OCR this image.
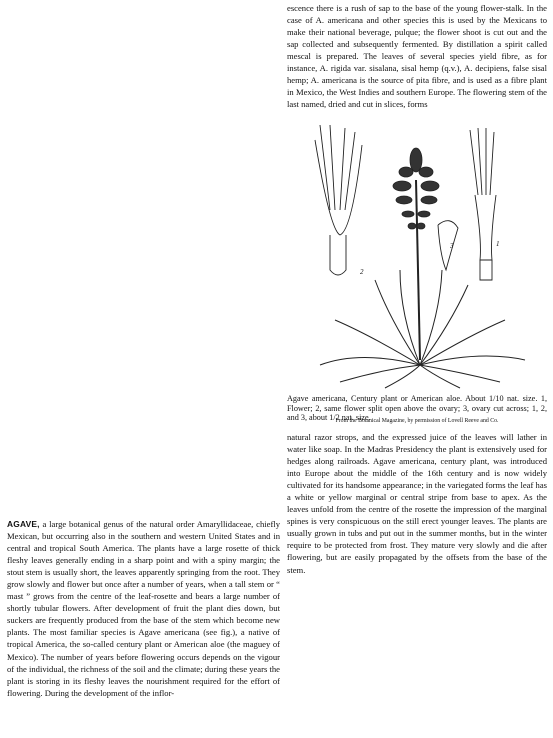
escence there is a rush of sap to the base of the young flower-stalk. In the case of A. americana and other species this is used by the Mexicans to make their national beverage, pulque; the flower shoot is cut out and the sap collected and subsequently fermented. By distillation a spirit called mescal is prepared. The leaves of several species yield fibre, as for instance, A. rigida var. sisalana, sisal hemp (q.v.), A. decipiens, false sisal hemp; A. americana is the source of pita fibre, and is used as a fibre plant in Mexico, the West Indies and southern Europe. The flowering stem of the last named, dried and cut in slices, forms

2
3	1
Agave americana, Century plant or American aloe. About 1/10 nat. size. 1, Flower; 2, same flower split open above the ovary; 3, ovary cut across; 1, 2, and 3, about 1/2 nat. size.
From the Botanical Magazine, by permission of Lovell Reeve and Co.

natural razor strops, and the expressed juice of the leaves will lather in water like soap. In the Madras Presidency the plant is extensively used for hedges along railroads. Agave americana, century plant, was introduced into Europe about the middle of the 16th century and is now widely cultivated for its handsome appearance; in the variegated forms the leaf has a white or yellow marginal or central stripe from base to apex. As the leaves unfold from the centre of the rosette the impression of the marginal spines is very conspicuous on the still erect younger leaves. The plants are usually grown in tubs and put out in the summer months, but in the winter require to be protected from frost. They mature very slowly and die after flowering, but are easily propagated by the offsets from the base of the stem.

AGAVE, a large botanical genus of the natural order Amaryllidaceae, chiefly Mexican, but occurring also in the southern and western United States and in central and tropical South America. The plants have a large rosette of thick fleshy leaves generally ending in a sharp point and with a spiny margin; the stout stem is usually short, the leaves apparently springing from the root. They grow slowly and flower but once after a number of years, when a tall stem or “ mast ” grows from the centre of the leaf-rosette and bears a large number of shortly tubular flowers. After development of fruit the plant dies down, but suckers are frequently produced from the base of the stem which become new plants. The most familiar species is Agave americana (see fig.), a native of tropical America, the so-called century plant or American aloe (the maguey of Mexico). The number of years before flowering occurs depends on the vigour of the individual, the richness of the soil and the climate; during these years the plant is storing in its fleshy leaves the nourishment required for the effort of flowering. During the development of the inflor-
